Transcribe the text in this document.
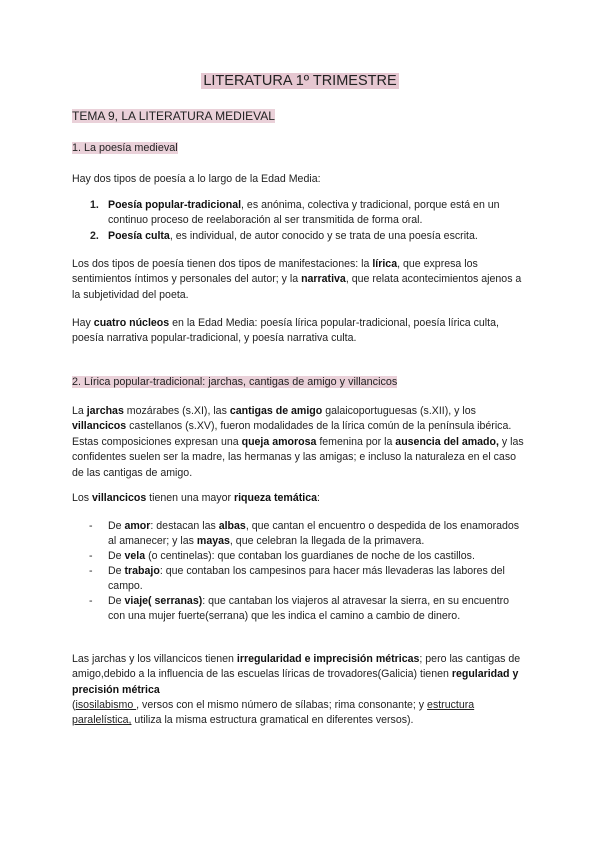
LITERATURA 1º TRIMESTRE
TEMA 9, LA LITERATURA MEDIEVAL
1. La poesía medieval

Hay dos tipos de poesía a lo largo de la Edad Media:

1. Poesía popular-tradicional, es anónima, colectiva y tradicional, porque está en un continuo proceso de reelaboración al ser transmitida de forma oral.

2. Poesía culta, es individual, de autor conocido y se trata de una poesía escrita.

Los dos tipos de poesía tienen dos tipos de manifestaciones: la lírica, que expresa los sentimientos íntimos y personales del autor; y la narrativa, que relata acontecimientos ajenos a la subjetividad del poeta.

Hay cuatro núcleos en la Edad Media: poesía lírica popular-tradicional, poesía lírica culta, poesía narrativa popular-tradicional, y poesía narrativa culta.

2. Lírica popular-tradicional: jarchas, cantigas de amigo y villancicos

La jarchas mozárabes (s.XI), las cantigas de amigo galaicoportuguesas (s.XII), y los villancicos castellanos (s.XV), fueron modalidades de la lírica común de la península ibérica. Estas composiciones expresan una queja amorosa femenina por la ausencia del amado, y las confidentes suelen ser la madre, las hermanas y las amigas; e incluso la naturaleza en el caso de las cantigas de amigo.

Los villancicos tienen una mayor riqueza temática:

- De amor: destacan las albas, que cantan el encuentro o despedida de los enamorados al amanecer; y las mayas, que celebran la llegada de la primavera.

- De vela (o centinelas): que contaban los guardianes de noche de los castillos.

- De trabajo: que contaban los campesinos para hacer más llevaderas las labores del campo.

- De viaje( serranas): que cantaban los viajeros al atravesar la sierra, en su encuentro con una mujer fuerte(serrana) que les indica el camino a cambio de dinero.

Las jarchas y los villancicos tienen irregularidad e imprecisión métricas; pero las cantigas de amigo,debido a la influencia de las escuelas líricas de trovadores(Galicia) tienen regularidad y precisión métrica

(isosilabismo , versos con el mismo número de sílabas; rima consonante; y estructura paralelística, utiliza la misma estructura gramatical en diferentes versos).
